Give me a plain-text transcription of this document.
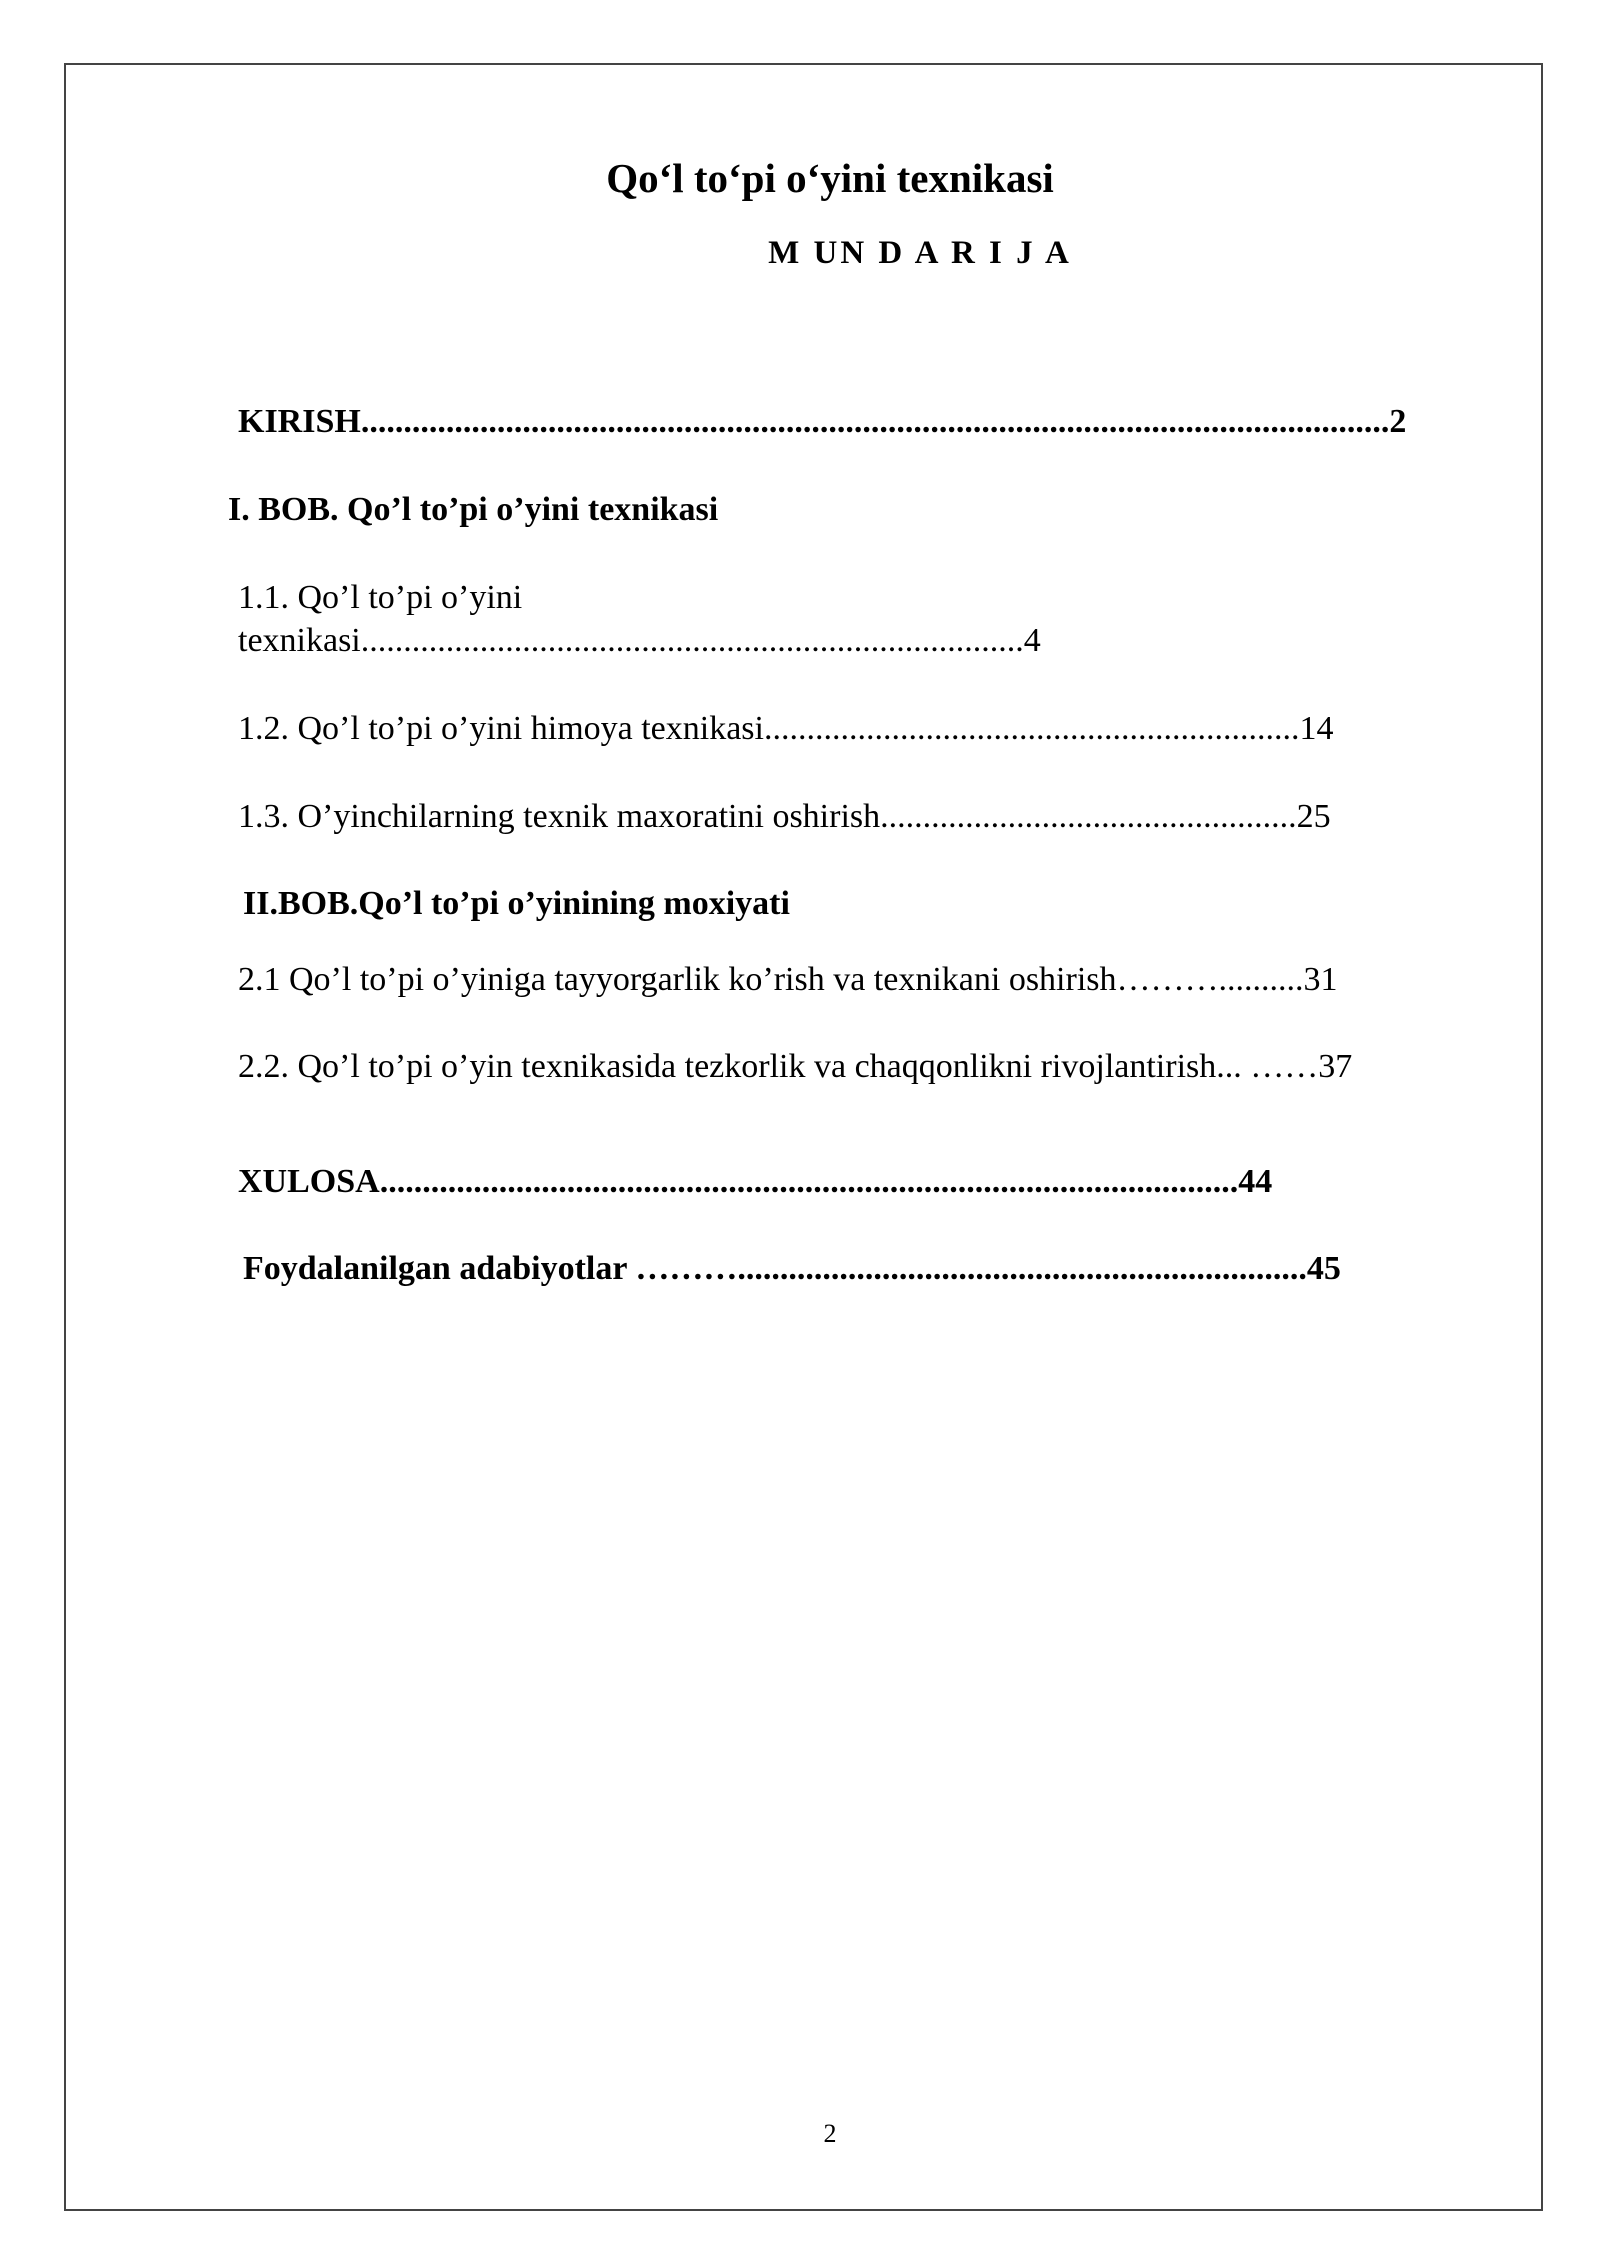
Qo‘l to‘pi o‘yini texnikasi
M UN D A R I J A
KIRISH.........................................................................................................................2
I. BOB. Qo’l to’pi o’yini texnikasi
1.1. Qo’l to’pi o’yini
texnikasi..............................................................................4
1.2. Qo’l to’pi o’yini himoya texnikasi...............................................................14
1.3. O’yinchilarning texnik maxoratini oshirish.................................................25
II.BOB.Qo’l to’pi o’yinining moxiyati
2.1 Qo’l to’pi o’yiniga tayyorgarlik ko’rish va texnikani oshirish………..........31
2.2. Qo’l to’pi o’yin texnikasida tezkorlik va chaqqonlikni rivojlantirish... ……37
XULOSA.....................................................................................................44
Foydalanilgan adabiyotlar ………...................................................................45
2
